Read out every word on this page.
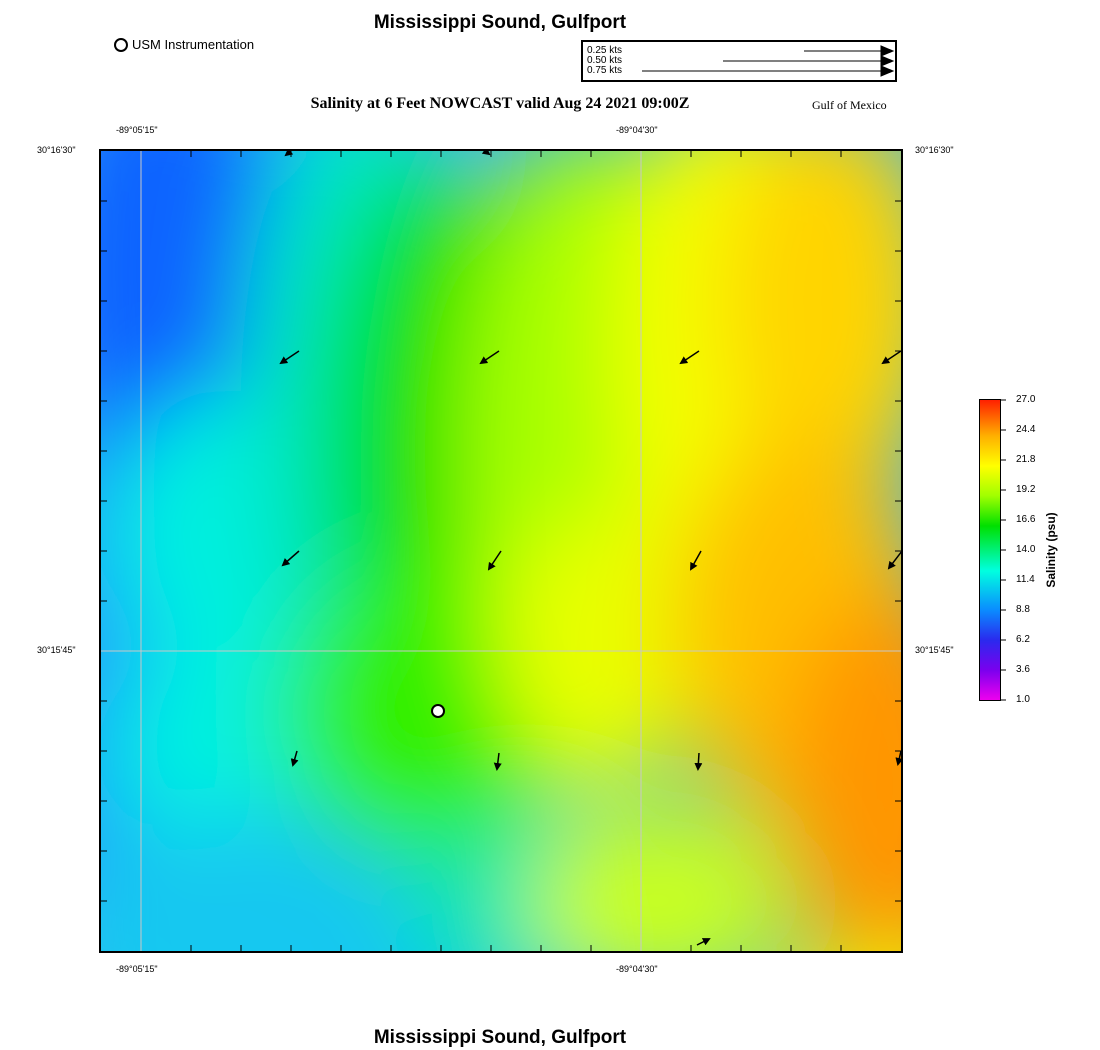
Mississippi Sound, Gulfport
USM Instrumentation	0.25 kts
0.50 kts
0.75 kts
Salinity at 6 Feet NOWCAST valid Aug 24 2021 09:00Z	Gulf of Mexico
-89°05'15"	-89°04'30"
-89°05'15"	-89°04'30"
30°16'30"
30°15'45"
30°16'30"
30°15'45"
27.0
24.4
21.8
19.2
16.6
14.0
11.4
8.8
6.2
3.6
1.0
Salinity (psu)
Mississippi Sound, Gulfport
